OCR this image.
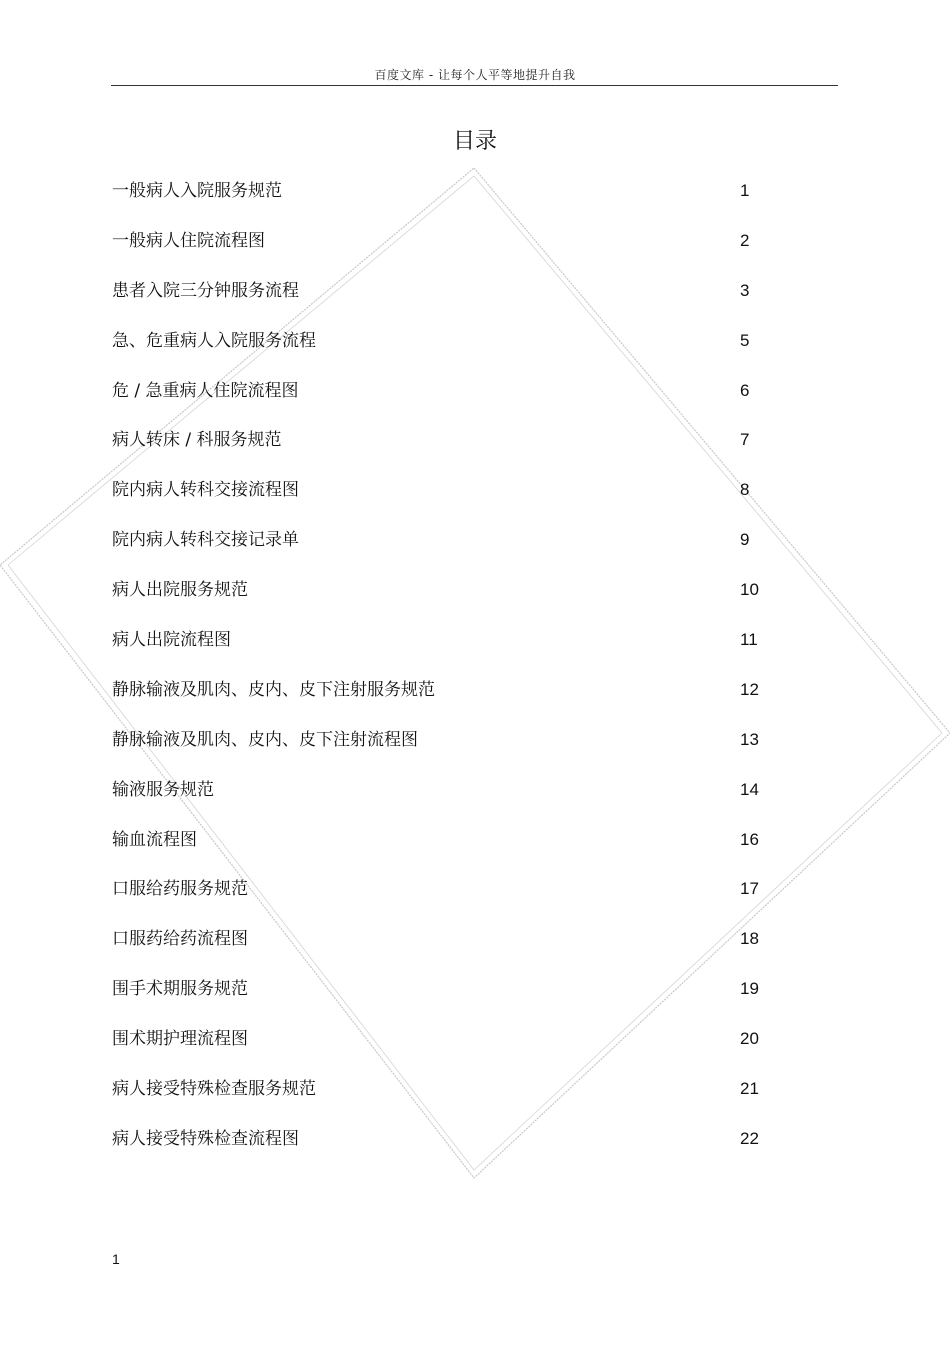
百度文库 - 让每个人平等地提升自我
目录
一般病人入院服务规范	1
一般病人住院流程图	2
患者入院三分钟服务流程	3
急、危重病人入院服务流程	5
危 / 急重病人住院流程图	6
病人转床 / 科服务规范	7
院内病人转科交接流程图	8
院内病人转科交接记录单	9
病人出院服务规范	10
病人出院流程图	11
静脉输液及肌肉、皮内、皮下注射服务规范	12
静脉输液及肌肉、皮内、皮下注射流程图	13
输液服务规范	14
输血流程图	16
口服给药服务规范	17
口服药给药流程图	18
围手术期服务规范	19
围术期护理流程图	20
病人接受特殊检查服务规范	21
病人接受特殊检查流程图	22
1
